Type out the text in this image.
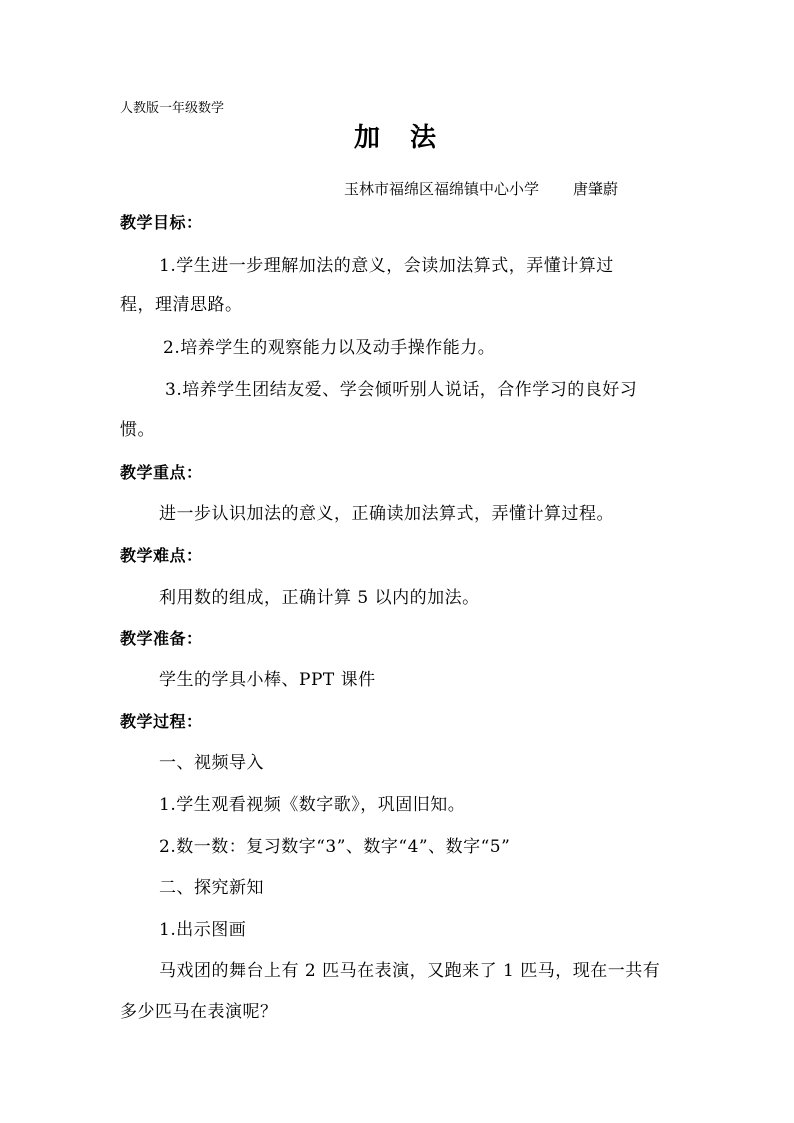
人教版一年级数学
加 法
玉林市福绵区福绵镇中心小学 唐肇蔚
教学目标：
1.学生进一步理解加法的意义，会读加法算式，弄懂计算过
程，理清思路。
2.培养学生的观察能力以及动手操作能力。
3.培养学生团结友爱、学会倾听别人说话，合作学习的良好习
惯。
教学重点：
进一步认识加法的意义，正确读加法算式，弄懂计算过程。
教学难点：
利用数的组成，正确计算 5 以内的加法。
教学准备：
学生的学具小棒、PPT 课件
教学过程：
一、视频导入
1.学生观看视频《数字歌》，巩固旧知。
2.数一数：复习数字“3”、数字“4”、数字“5”
二、探究新知
1.出示图画
马戏团的舞台上有 2 匹马在表演，又跑来了 1 匹马，现在一共有
多少匹马在表演呢？
